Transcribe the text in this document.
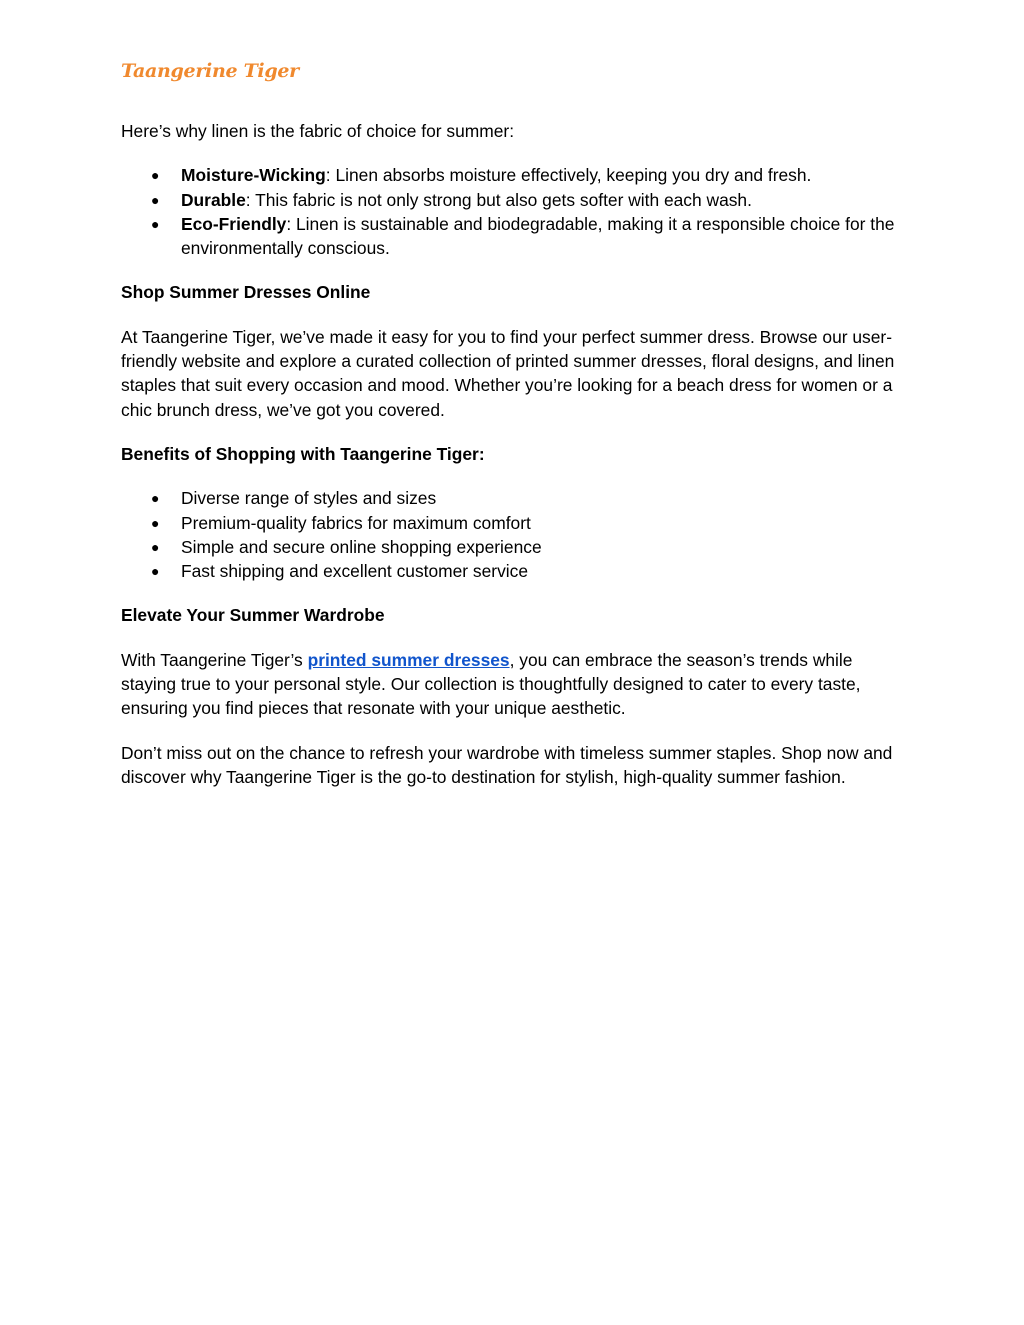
Taangerine Tiger

Here’s why linen is the fabric of choice for summer:

● Moisture-Wicking: Linen absorbs moisture effectively, keeping you dry and fresh.
● Durable: This fabric is not only strong but also gets softer with each wash.
● Eco-Friendly: Linen is sustainable and biodegradable, making it a responsible choice for the environmentally conscious.

Shop Summer Dresses Online

At Taangerine Tiger, we’ve made it easy for you to find your perfect summer dress. Browse our user-friendly website and explore a curated collection of printed summer dresses, floral designs, and linen staples that suit every occasion and mood. Whether you’re looking for a beach dress for women or a chic brunch dress, we’ve got you covered.

Benefits of Shopping with Taangerine Tiger:

● Diverse range of styles and sizes
● Premium-quality fabrics for maximum comfort
● Simple and secure online shopping experience
● Fast shipping and excellent customer service

Elevate Your Summer Wardrobe

With Taangerine Tiger’s printed summer dresses, you can embrace the season’s trends while staying true to your personal style. Our collection is thoughtfully designed to cater to every taste, ensuring you find pieces that resonate with your unique aesthetic.

Don’t miss out on the chance to refresh your wardrobe with timeless summer staples. Shop now and discover why Taangerine Tiger is the go-to destination for stylish, high-quality summer fashion.
